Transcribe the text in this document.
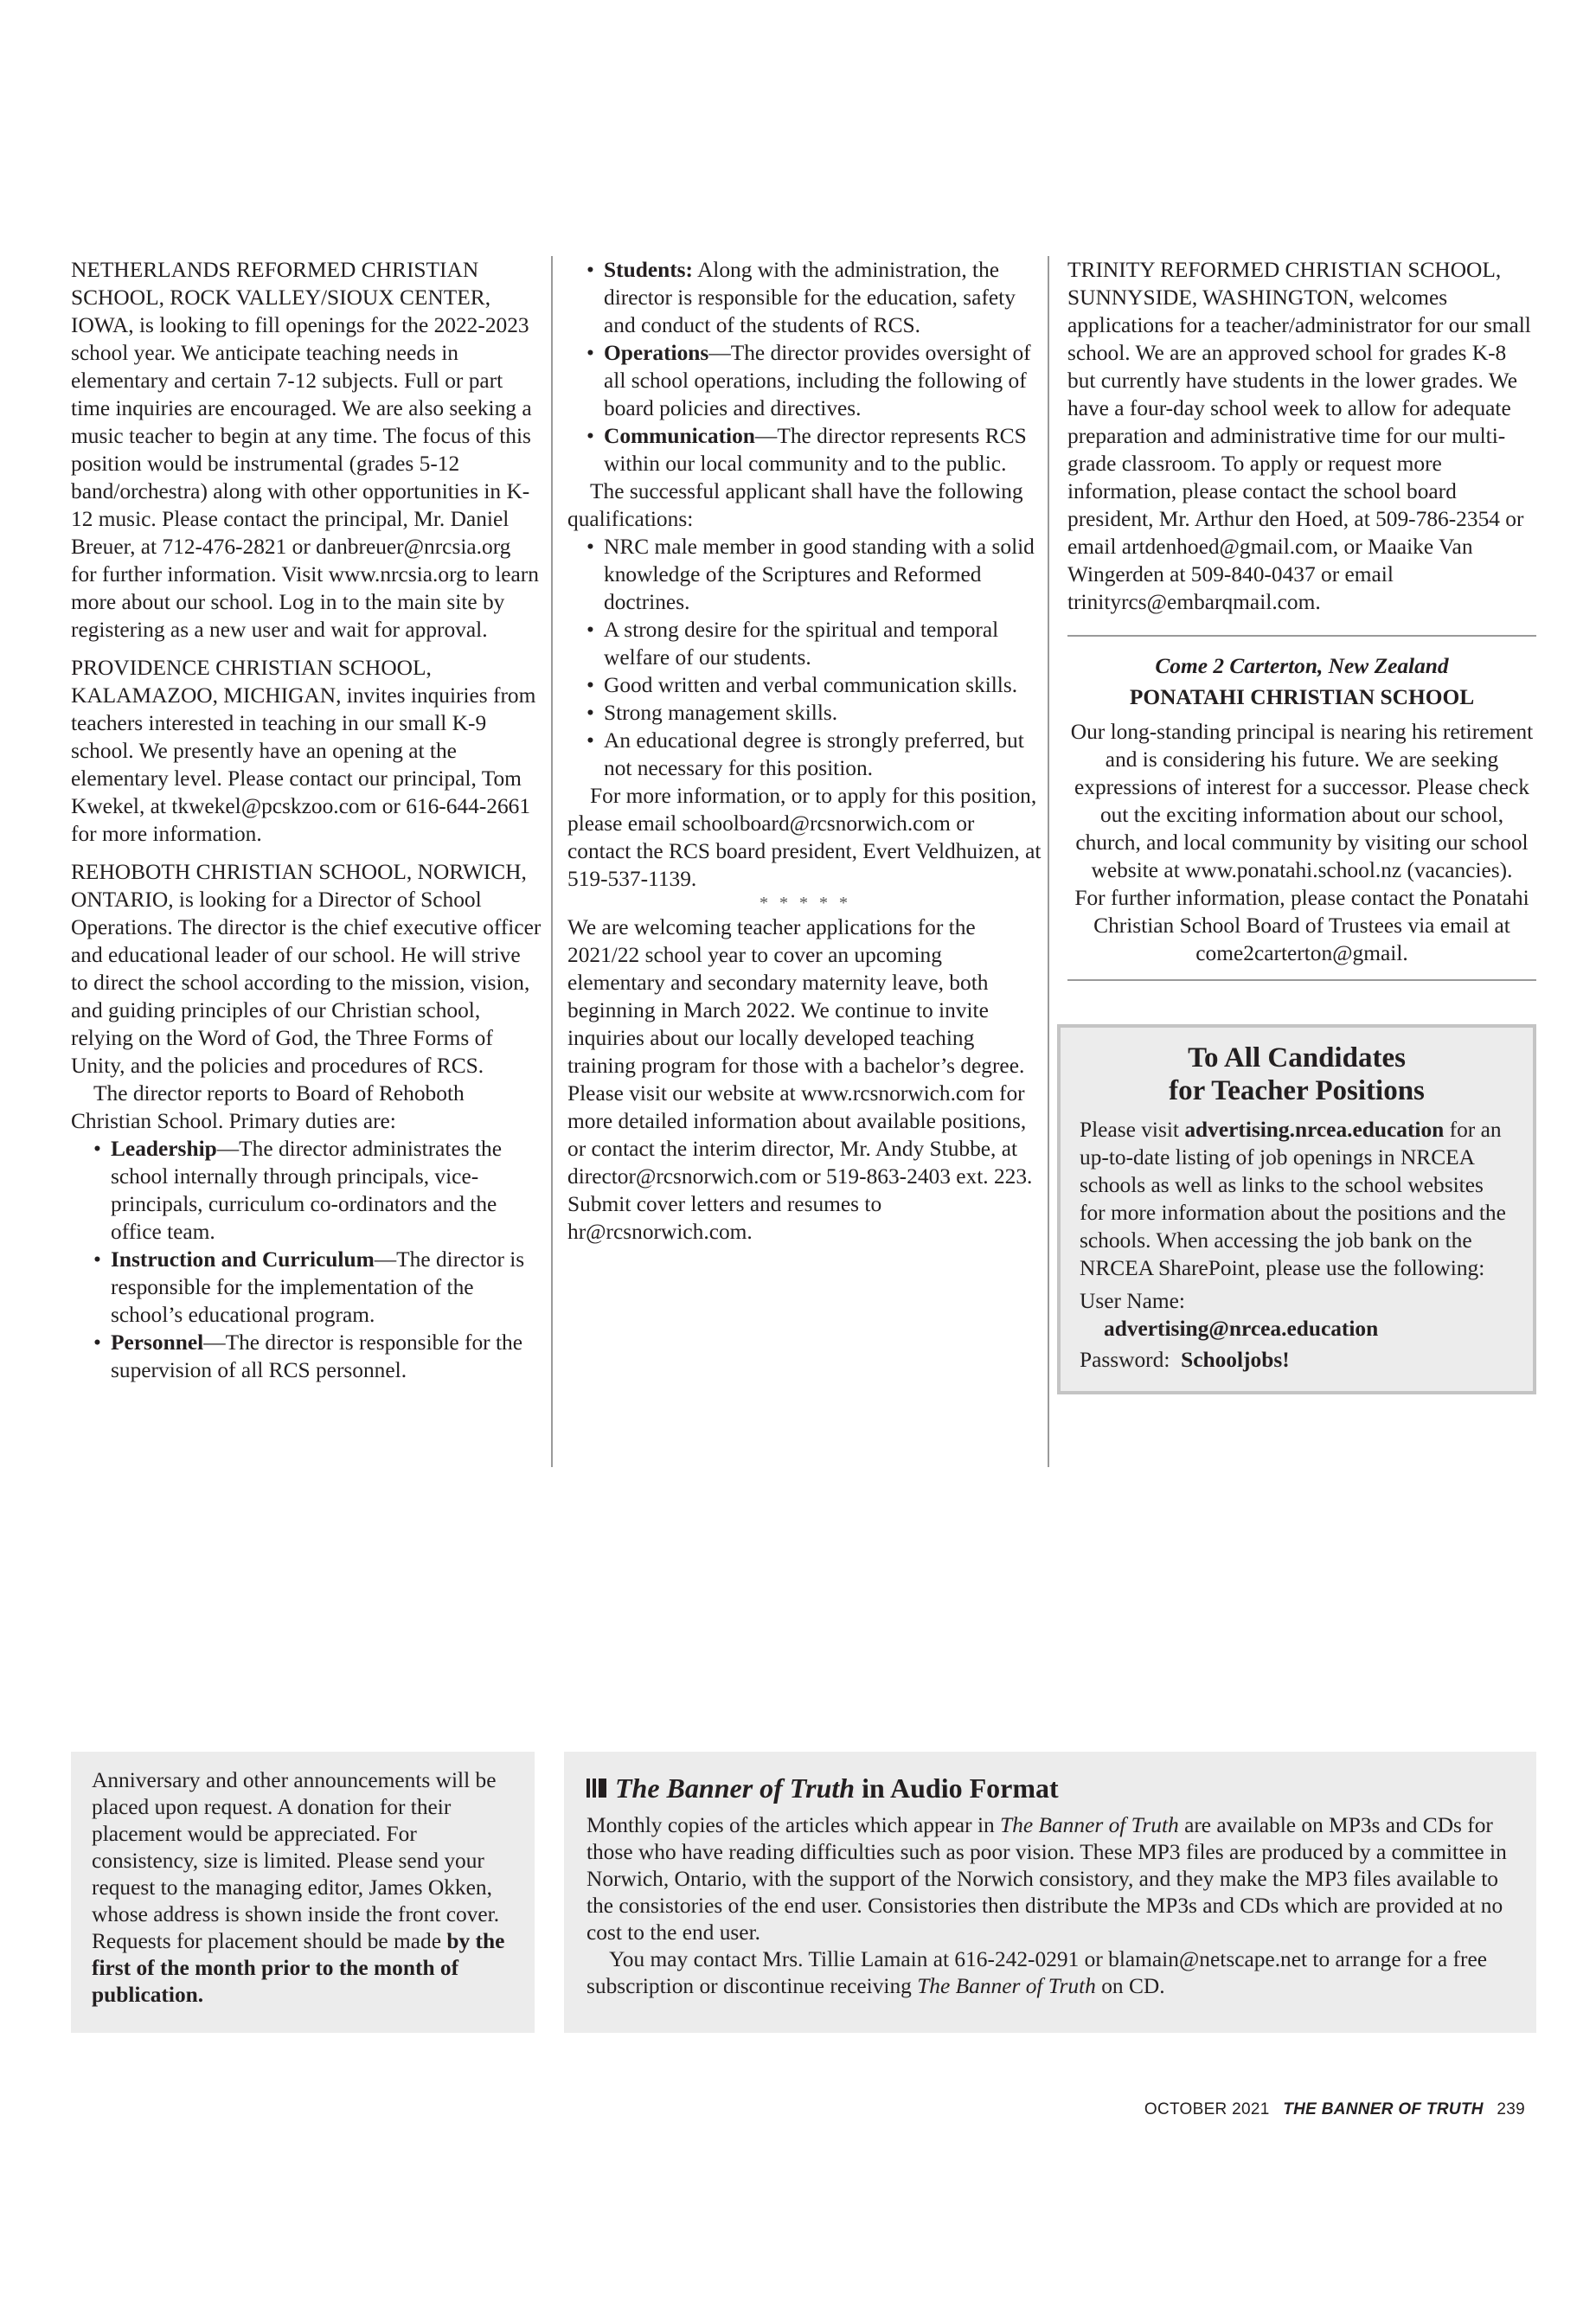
NETHERLANDS REFORMED CHRISTIAN SCHOOL, ROCK VALLEY/SIOUX CENTER, IOWA, is looking to fill openings for the 2022-2023 school year. We anticipate teaching needs in elementary and certain 7-12 subjects. Full or part time inquiries are encouraged. We are also seeking a music teacher to begin at any time. The focus of this position would be instrumental (grades 5-12 band/orchestra) along with other opportunities in K-12 music. Please contact the principal, Mr. Daniel Breuer, at 712-476-2821 or danbreuer@nrcsia.org for further information. Visit www.nrcsia.org to learn more about our school. Log in to the main site by registering as a new user and wait for approval.

PROVIDENCE CHRISTIAN SCHOOL, KALAMAZOO, MICHIGAN, invites inquiries from teachers interested in teaching in our small K-9 school. We presently have an opening at the elementary level. Please contact our principal, Tom Kwekel, at tkwekel@pcskzoo.com or 616-644-2661 for more information.

REHOBOTH CHRISTIAN SCHOOL, NORWICH, ONTARIO, is looking for a Director of School Operations. The director is the chief executive officer and educational leader of our school. He will strive to direct the school according to the mission, vision, and guiding principles of our Christian school, relying on the Word of God, the Three Forms of Unity, and the policies and procedures of RCS.

The director reports to Board of Rehoboth Christian School. Primary duties are:

• Leadership—The director administrates the school internally through principals, vice-principals, curriculum co-ordinators and the office team.
• Instruction and Curriculum—The director is responsible for the implementation of the school’s educational program.
• Personnel—The director is responsible for the supervision of all RCS personnel.
• Students: Along with the administration, the director is responsible for the education, safety and conduct of the students of RCS.
• Operations—The director provides oversight of all school operations, including the following of board policies and directives.
• Communication—The director represents RCS within our local community and to the public.

The successful applicant shall have the following qualifications:

• NRC male member in good standing with a solid knowledge of the Scriptures and Reformed doctrines.
• A strong desire for the spiritual and temporal welfare of our students.
• Good written and verbal communication skills.
• Strong management skills.
• An educational degree is strongly preferred, but not necessary for this position.

For more information, or to apply for this position, please email schoolboard@rcsnorwich.com or contact the RCS board president, Evert Veldhuizen, at 519-537-1139.

* * * * *

We are welcoming teacher applications for the 2021/22 school year to cover an upcoming elementary and secondary maternity leave, both beginning in March 2022. We continue to invite inquiries about our locally developed teaching training program for those with a bachelor’s degree. Please visit our website at www.rcsnorwich.com for more detailed information about available positions, or contact the interim director, Mr. Andy Stubbe, at director@rcsnorwich.com or 519-863-2403 ext. 223. Submit cover letters and resumes to hr@rcsnorwich.com.

TRINITY REFORMED CHRISTIAN SCHOOL, SUNNYSIDE, WASHINGTON, welcomes applications for a teacher/administrator for our small school. We are an approved school for grades K-8 but currently have students in the lower grades. We have a four-day school week to allow for adequate preparation and administrative time for our multi-grade classroom. To apply or request more information, please contact the school board president, Mr. Arthur den Hoed, at 509-786-2354 or email artdenhoed@gmail.com, or Maaike Van Wingerden at 509-840-0437 or email trinityrcs@embarqmail.com.

Come 2 Carterton, New Zealand
PONATAHI CHRISTIAN SCHOOL

Our long-standing principal is nearing his retirement and is considering his future. We are seeking expressions of interest for a successor. Please check out the exciting information about our school, church, and local community by visiting our school website at www.ponatahi.school.nz (vacancies).

For further information, please contact the Ponatahi Christian School Board of Trustees via email at come2carterton@gmail.

To All Candidates
for Teacher Positions

Please visit advertising.nrcea.education for an up-to-date listing of job openings in NRCEA schools as well as links to the school websites for more information about the positions and the schools. When accessing the job bank on the NRCEA SharePoint, please use the following:

User Name:

advertising@nrcea.education

Password: Schooljobs!

Anniversary and other announcements will be placed upon request. A donation for their placement would be appreciated. For consistency, size is limited. Please send your request to the managing editor, James Okken, whose address is shown inside the front cover. Requests for placement should be made by the first of the month prior to the month of publication.
The Banner of Truth in Audio Format

Monthly copies of the articles which appear in The Banner of Truth are available on MP3s and CDs for those who have reading difficulties such as poor vision. These MP3 files are produced by a committee in Norwich, Ontario, with the support of the Norwich consistory, and they make the MP3 files available to the consistories of the end user. Consistories then distribute the MP3s and CDs which are provided at no cost to the end user.

You may contact Mrs. Tillie Lamain at 616-242-0291 or blamain@netscape.net to arrange for a free subscription or discontinue receiving The Banner of Truth on CD.

OCTOBER 2021 THE BANNER OF TRUTH 239
